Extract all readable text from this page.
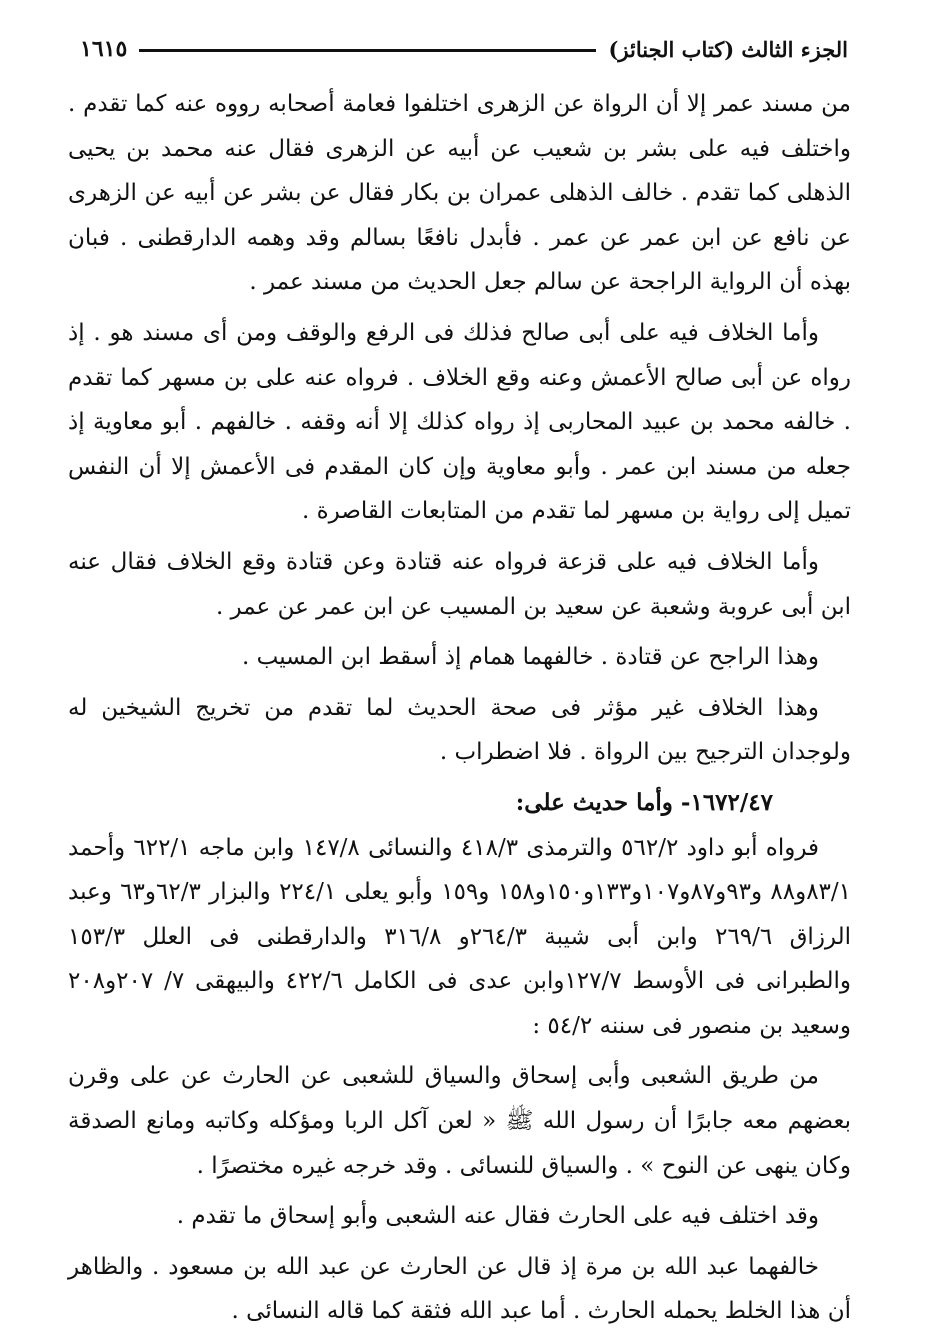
الجزء الثالث (كتاب الجنائز)
١٦١٥

من مسند عمر إلا أن الرواة عن الزهرى اختلفوا فعامة أصحابه رووه عنه كما تقدم . واختلف فيه على بشر بن شعيب عن أبيه عن الزهرى فقال عنه محمد بن يحيى الذهلى كما تقدم . خالف الذهلى عمران بن بكار فقال عن بشر عن أبيه عن الزهرى عن نافع عن ابن عمر عن عمر . فأبدل نافعًا بسالم وقد وهمه الدارقطنى . فبان بهذه أن الرواية الراجحة عن سالم جعل الحديث من مسند عمر .

وأما الخلاف فيه على أبى صالح فذلك فى الرفع والوقف ومن أى مسند هو . إذ رواه عن أبى صالح الأعمش وعنه وقع الخلاف . فرواه عنه على بن مسهر كما تقدم . خالفه محمد بن عبيد المحاربى إذ رواه كذلك إلا أنه وقفه . خالفهم . أبو معاوية إذ جعله من مسند ابن عمر . وأبو معاوية وإن كان المقدم فى الأعمش إلا أن النفس تميل إلى رواية بن مسهر لما تقدم من المتابعات القاصرة .

وأما الخلاف فيه على قزعة فرواه عنه قتادة وعن قتادة وقع الخلاف فقال عنه ابن أبى عروبة وشعبة عن سعيد بن المسيب عن ابن عمر عن عمر .

وهذا الراجح عن قتادة . خالفهما همام إذ أسقط ابن المسيب .

وهذا الخلاف غير مؤثر فى صحة الحديث لما تقدم من تخريج الشيخين له ولوجدان الترجيح بين الرواة . فلا اضطراب .

١٦٧٢/٤٧- وأما حديث على:

فرواه أبو داود ٥٦٢/٢ والترمذى ٤١٨/٣ والنسائى ١٤٧/٨ وابن ماجه ٦٢٢/١ وأحمد ٨٣/١و٨٨ و٩٣و٨٧و١٠٧و١٣٣و١٥٠و١٥٨ و١٥٩ وأبو يعلى ٢٢٤/١ والبزار ٦٢/٣و٦٣ وعبد الرزاق ٢٦٩/٦ وابن أبى شيبة ٢٦٤/٣و ٣١٦/٨ والدارقطنى فى العلل ١٥٣/٣ والطبرانى فى الأوسط ١٢٧/٧وابن عدى فى الكامل ٤٢٢/٦ والبيهقى ٧/ ٢٠٧و٢٠٨ وسعيد بن منصور فى سننه ٥٤/٢ :

من طريق الشعبى وأبى إسحاق والسياق للشعبى عن الحارث عن على وقرن بعضهم معه جابرًا أن رسول الله ﷺ « لعن آكل الربا ومؤكله وكاتبه ومانع الصدقة وكان ينهى عن النوح » . والسياق للنسائى . وقد خرجه غيره مختصرًا .

وقد اختلف فيه على الحارث فقال عنه الشعبى وأبو إسحاق ما تقدم .

خالفهما عبد الله بن مرة إذ قال عن الحارث عن عبد الله بن مسعود . والظاهر أن هذا الخلط يحمله الحارث . أما عبد الله فثقة كما قاله النسائى .
